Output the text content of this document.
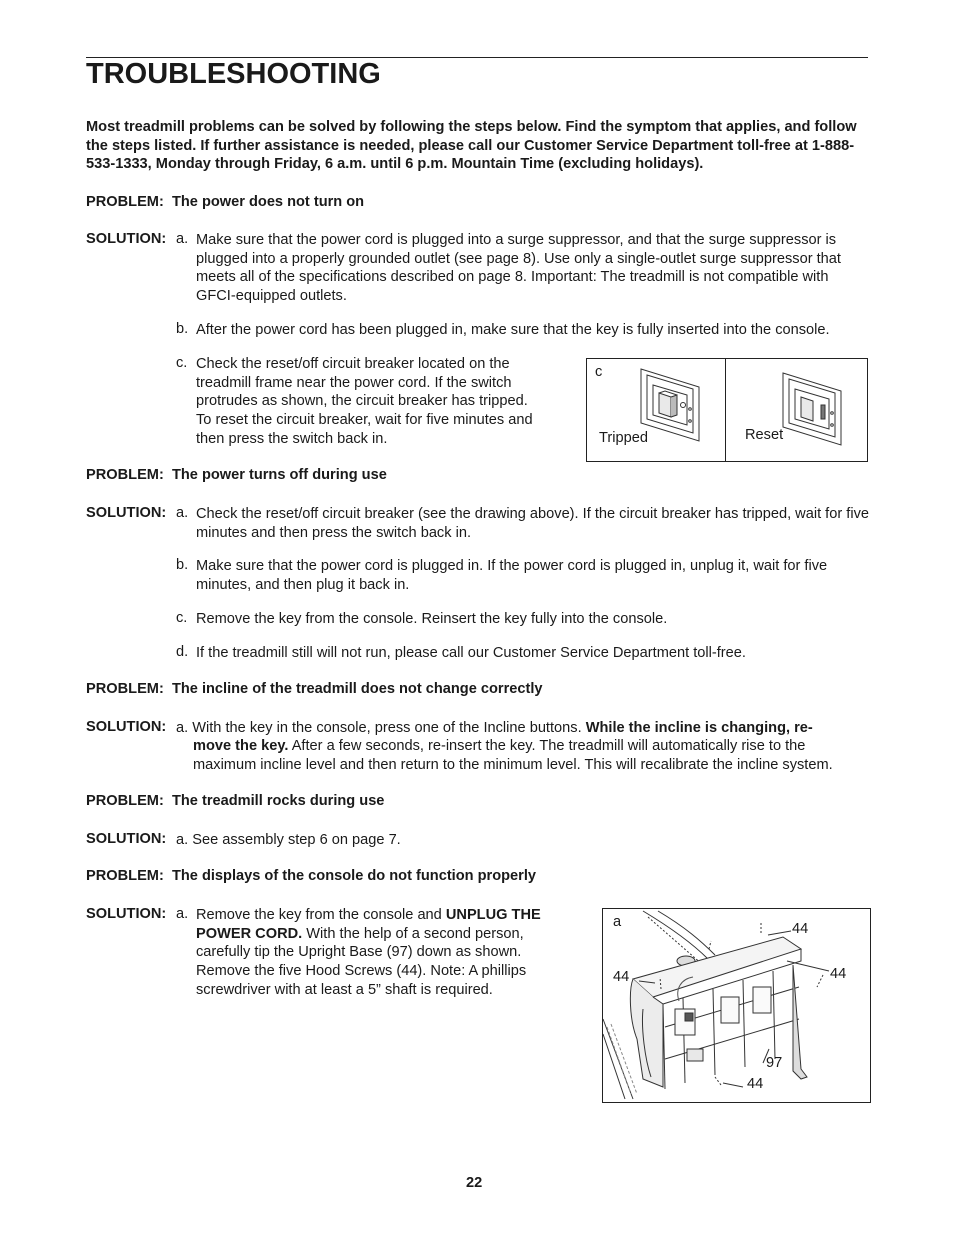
TROUBLESHOOTING

Most treadmill problems can be solved by following the steps below. Find the symptom that applies, and follow the steps listed. If further assistance is needed, please call our Customer Service Department toll-free at 1-888-533-1333, Monday through Friday, 6 a.m. until 6 p.m. Mountain Time (excluding holidays).

PROBLEM: The power does not turn on

SOLUTION: a. Make sure that the power cord is plugged into a surge suppressor, and that the surge suppressor is plugged into a properly grounded outlet (see page 8). Use only a single-outlet surge suppressor that meets all of the specifications described on page 8. Important: The treadmill is not compatible with GFCI-equipped outlets.

b. After the power cord has been plugged in, make sure that the key is fully inserted into the console.

c. Check the reset/off circuit breaker located on the treadmill frame near the power cord. If the switch protrudes as shown, the circuit breaker has tripped. To reset the circuit breaker, wait for five minutes and then press the switch back in.

c

Tripped	Reset

PROBLEM: The power turns off during use

SOLUTION: a. Check the reset/off circuit breaker (see the drawing above). If the circuit breaker has tripped, wait for five minutes and then press the switch back in.

b. Make sure that the power cord is plugged in. If the power cord is plugged in, unplug it, wait for five minutes, and then plug it back in.

c. Remove the key from the console. Reinsert the key fully into the console.

d. If the treadmill still will not run, please call our Customer Service Department toll-free.

PROBLEM: The incline of the treadmill does not change correctly

SOLUTION: a. With the key in the console, press one of the Incline buttons. While the incline is changing, re-

move the key. After a few seconds, re-insert the key. The treadmill will automatically rise to the maximum incline level and then return to the minimum level. This will recalibrate the incline system.

PROBLEM: The treadmill rocks during use

SOLUTION: a. See assembly step 6 on page 7.

PROBLEM: The displays of the console do not function properly

SOLUTION: a. Remove the key from the console and UNPLUG THE POWER CORD. With the help of a second person, carefully tip the Upright Base (97) down as shown. Remove the five Hood Screws (44). Note: A phillips screwdriver with at least a 5” shaft is required.

a	44

44	44

97

44

22
